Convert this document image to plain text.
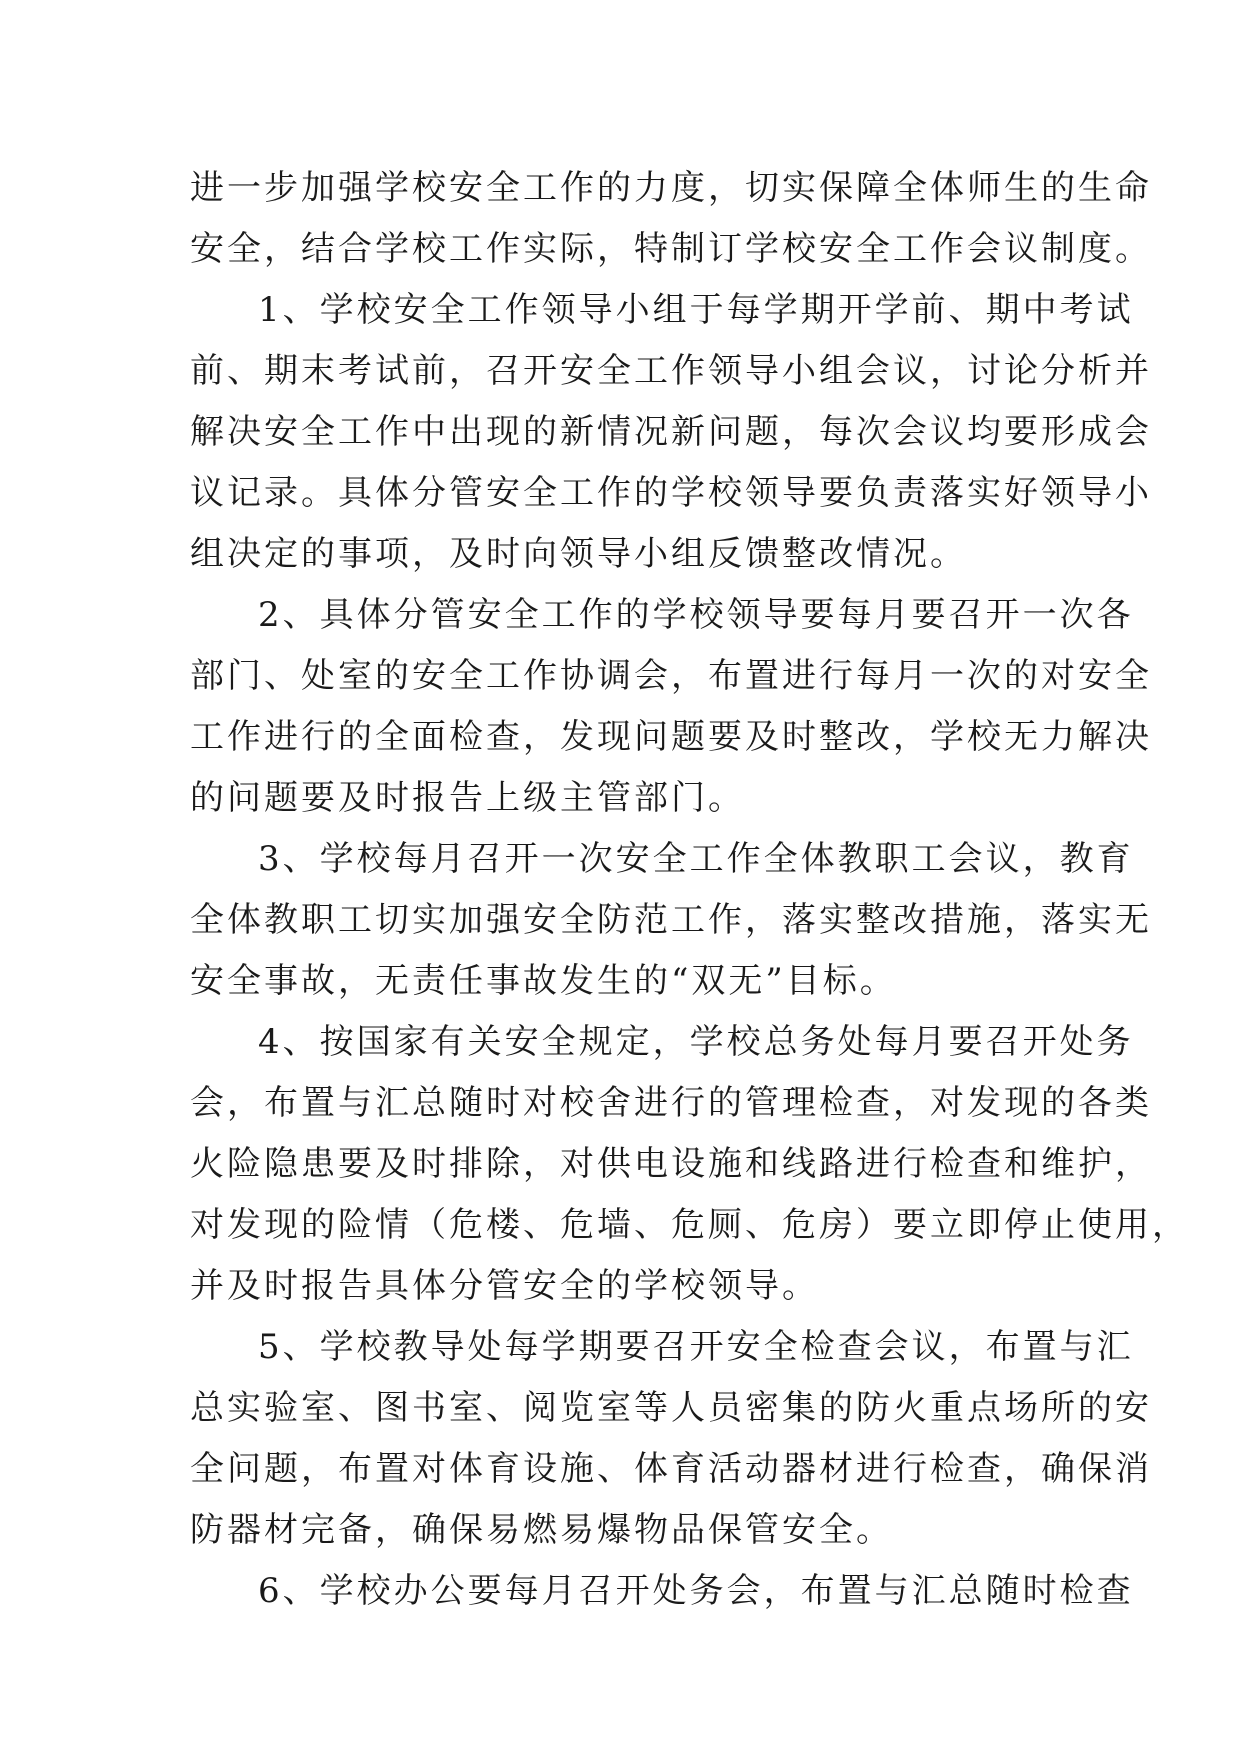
进一步加强学校安全工作的力度，切实保障全体师生的生命
安全，结合学校工作实际，特制订学校安全工作会议制度。
1、学校安全工作领导小组于每学期开学前、期中考试
前、期末考试前，召开安全工作领导小组会议，讨论分析并
解决安全工作中出现的新情况新问题，每次会议均要形成会
议记录。具体分管安全工作的学校领导要负责落实好领导小
组决定的事项，及时向领导小组反馈整改情况。
2、具体分管安全工作的学校领导要每月要召开一次各
部门、处室的安全工作协调会，布置进行每月一次的对安全
工作进行的全面检查，发现问题要及时整改，学校无力解决
的问题要及时报告上级主管部门。
3、学校每月召开一次安全工作全体教职工会议，教育
全体教职工切实加强安全防范工作，落实整改措施，落实无
安全事故，无责任事故发生的“双无”目标。
4、按国家有关安全规定，学校总务处每月要召开处务
会，布置与汇总随时对校舍进行的管理检查，对发现的各类
火险隐患要及时排除，对供电设施和线路进行检查和维护，
对发现的险情（危楼、危墙、危厕、危房）要立即停止使用，
并及时报告具体分管安全的学校领导。
5、学校教导处每学期要召开安全检查会议，布置与汇
总实验室、图书室、阅览室等人员密集的防火重点场所的安
全问题，布置对体育设施、体育活动器材进行检查，确保消
防器材完备，确保易燃易爆物品保管安全。
6、学校办公要每月召开处务会，布置与汇总随时检查
